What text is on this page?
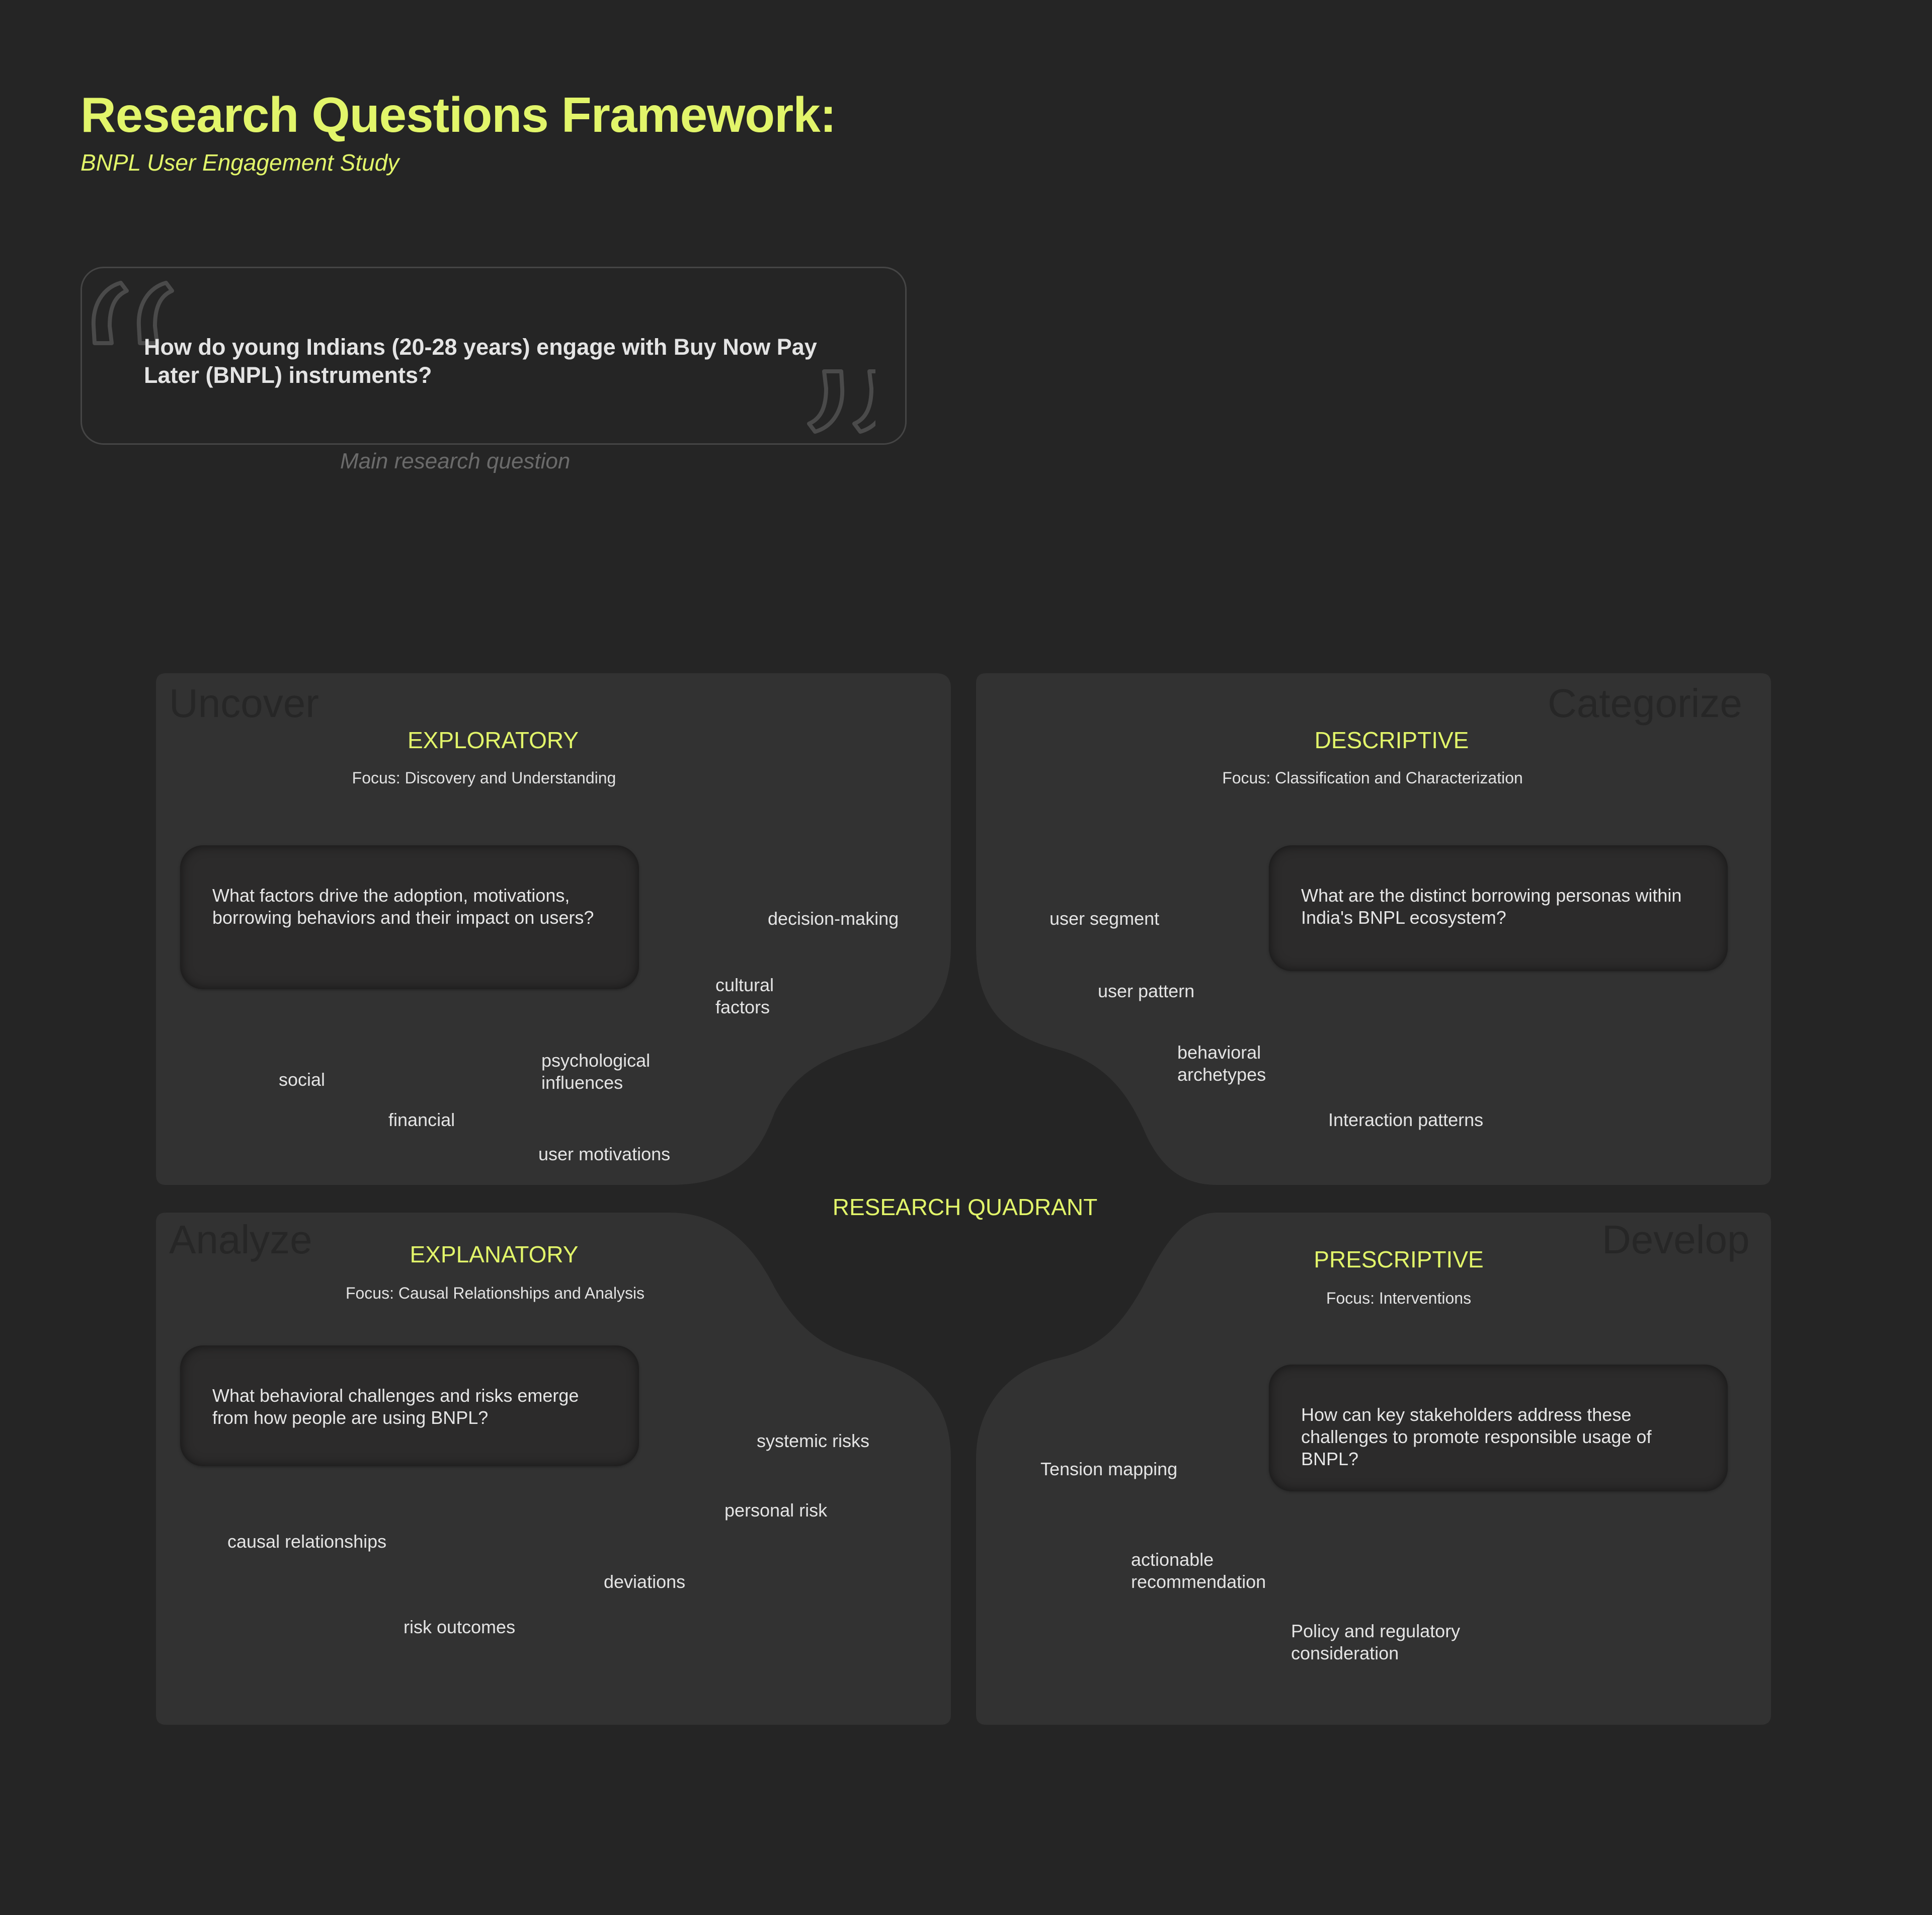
Research Questions Framework:
BNPL User Engagement Study
How do young Indians (20-28 years) engage with Buy Now Pay Later (BNPL) instruments?
Main research question
Uncover
EXPLORATORY
Focus: Discovery and Understanding
What factors drive the adoption, motivations, borrowing behaviors and their impact on users?	decision-making
cultural factors
psychological influences
social
financial
user motivations
Categorize
DESCRIPTIVE
Focus: Classification and Characterization
What are the distinct borrowing personas within India's BNPL ecosystem?
user segment
user pattern
behavioral archetypes
Interaction patterns
RESEARCH QUADRANT
Analyze	EXPLANATORY
Focus: Causal Relationships and Analysis
What behavioral challenges and risks emerge from how people are using BNPL?
systemic risks
personal risk
causal relationships
deviations
risk outcomes
Develop
PRESCRIPTIVE
Focus: Interventions
How can key stakeholders address these challenges to promote responsible usage of BNPL?
Tension mapping
actionable recommendation
Policy and regulatory consideration
